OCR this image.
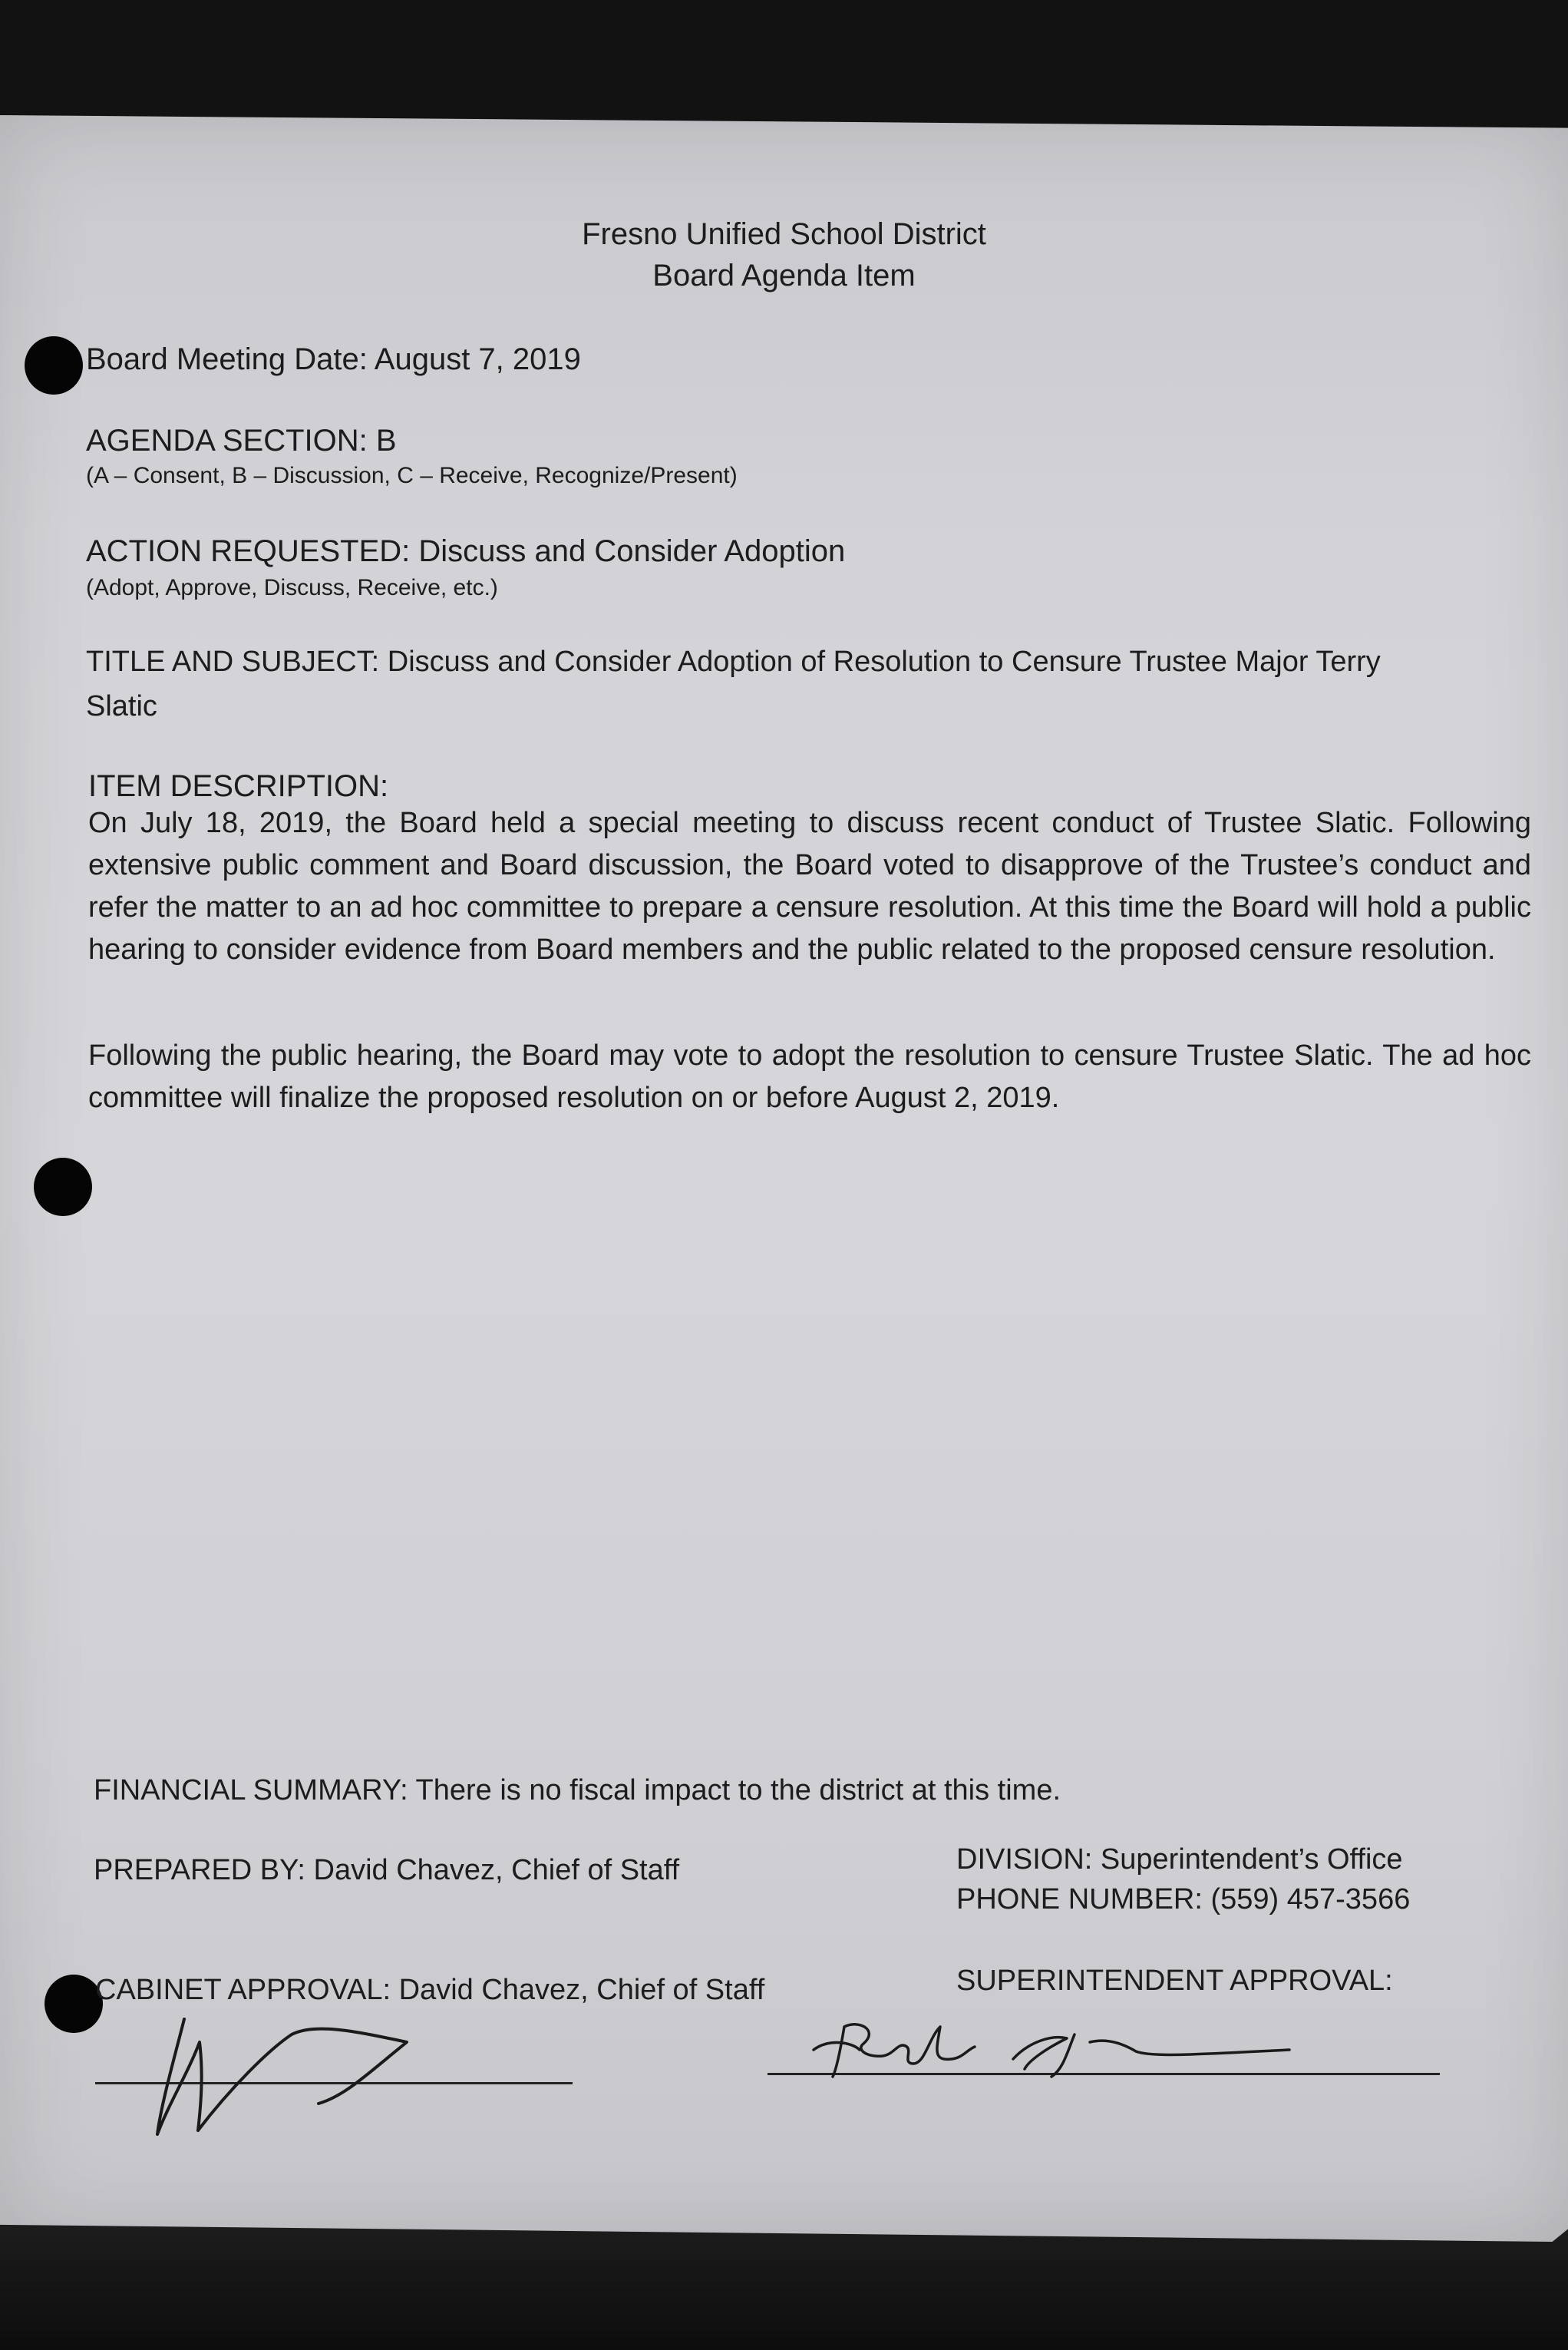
Fresno Unified School District

Board Agenda Item

Board Meeting Date: August 7, 2019

AGENDA SECTION: B

(A – Consent, B – Discussion, C – Receive, Recognize/Present)

ACTION REQUESTED: Discuss and Consider Adoption

(Adopt, Approve, Discuss, Receive, etc.)

TITLE AND SUBJECT: Discuss and Consider Adoption of Resolution to Censure Trustee Major Terry

Slatic

ITEM DESCRIPTION:

On July 18, 2019, the Board held a special meeting to discuss recent conduct of Trustee Slatic. Following extensive public comment and Board discussion, the Board voted to disapprove of the Trustee’s conduct and refer the matter to an ad hoc committee to prepare a censure resolution. At this time the Board will hold a public hearing to consider evidence from Board members and the public related to the proposed censure resolution.

Following the public hearing, the Board may vote to adopt the resolution to censure Trustee Slatic. The ad hoc committee will finalize the proposed resolution on or before August 2, 2019.

FINANCIAL SUMMARY: There is no fiscal impact to the district at this time.

PREPARED BY: David Chavez, Chief of Staff	DIVISION: Superintendent’s Office

PHONE NUMBER: (559) 457-3566

CABINET APPROVAL: David Chavez, Chief of Staff	SUPERINTENDENT APPROVAL:
